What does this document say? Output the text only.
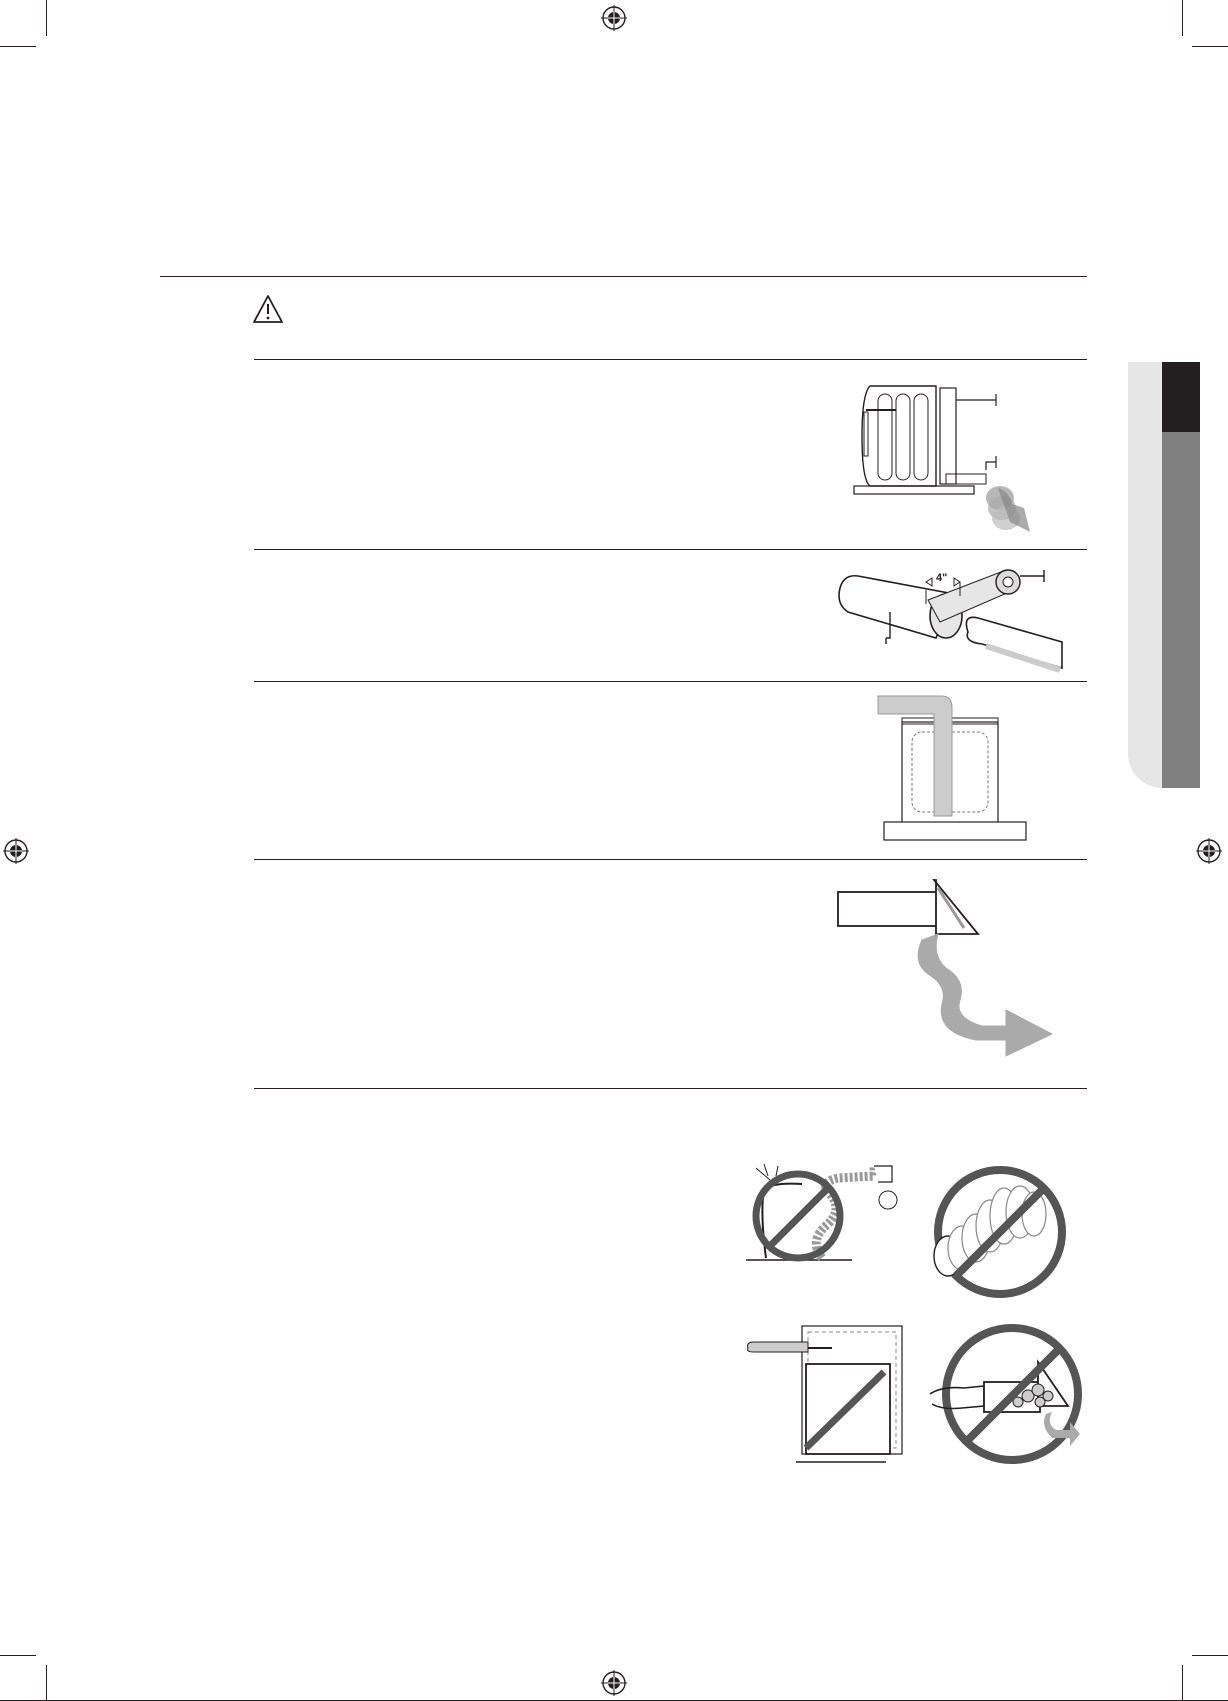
4"
